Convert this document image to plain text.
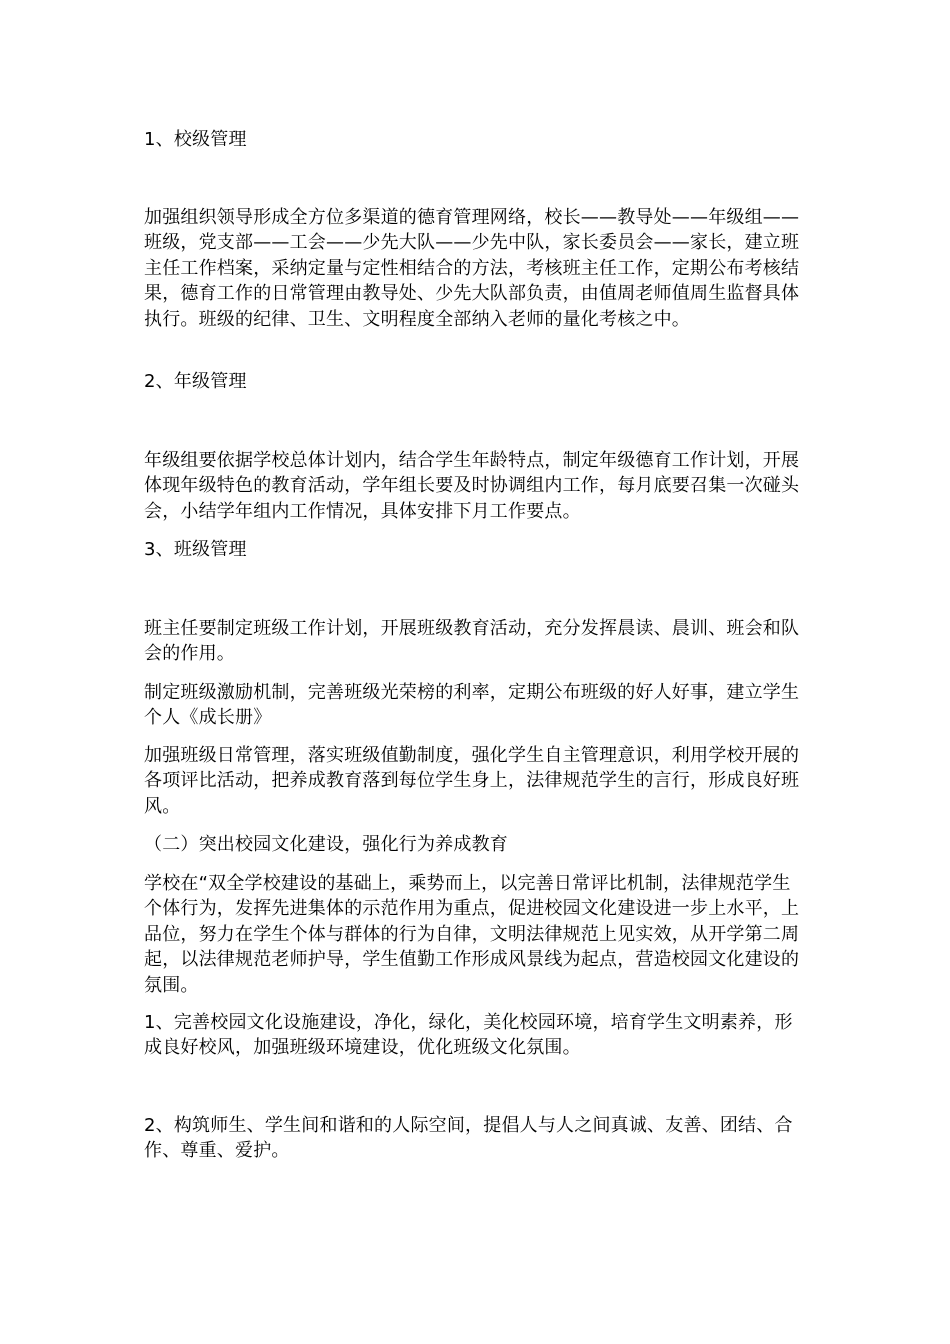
1、校级管理

加强组织领导形成全方位多渠道的德育管理网络，校长——教导处——年级组——班级，党支部——工会——少先大队——少先中队，家长委员会——家长，建立班主任工作档案，采纳定量与定性相结合的方法，考核班主任工作，定期公布考核结果，德育工作的日常管理由教导处、少先大队部负责，由值周老师值周生监督具体执行。班级的纪律、卫生、文明程度全部纳入老师的量化考核之中。

2、年级管理

年级组要依据学校总体计划内，结合学生年龄特点，制定年级德育工作计划，开展体现年级特色的教育活动，学年组长要及时协调组内工作，每月底要召集一次碰头会，小结学年组内工作情况，具体安排下月工作要点。

3、班级管理

班主任要制定班级工作计划，开展班级教育活动，充分发挥晨读、晨训、班会和队会的作用。

制定班级激励机制，完善班级光荣榜的利率，定期公布班级的好人好事，建立学生个人《成长册》

加强班级日常管理，落实班级值勤制度，强化学生自主管理意识，利用学校开展的各项评比活动，把养成教育落到每位学生身上，法律规范学生的言行，形成良好班风。

（二）突出校园文化建设，强化行为养成教育

学校在“双全学校建设的基础上，乘势而上，以完善日常评比机制，法律规范学生个体行为，发挥先进集体的示范作用为重点，促进校园文化建设进一步上水平，上品位，努力在学生个体与群体的行为自律，文明法律规范上见实效，从开学第二周起，以法律规范老师护导，学生值勤工作形成风景线为起点，营造校园文化建设的氛围。

1、完善校园文化设施建设，净化，绿化，美化校园环境，培育学生文明素养，形成良好校风，加强班级环境建设，优化班级文化氛围。

2、构筑师生、学生间和谐和的人际空间，提倡人与人之间真诚、友善、团结、合作、尊重、爱护。
